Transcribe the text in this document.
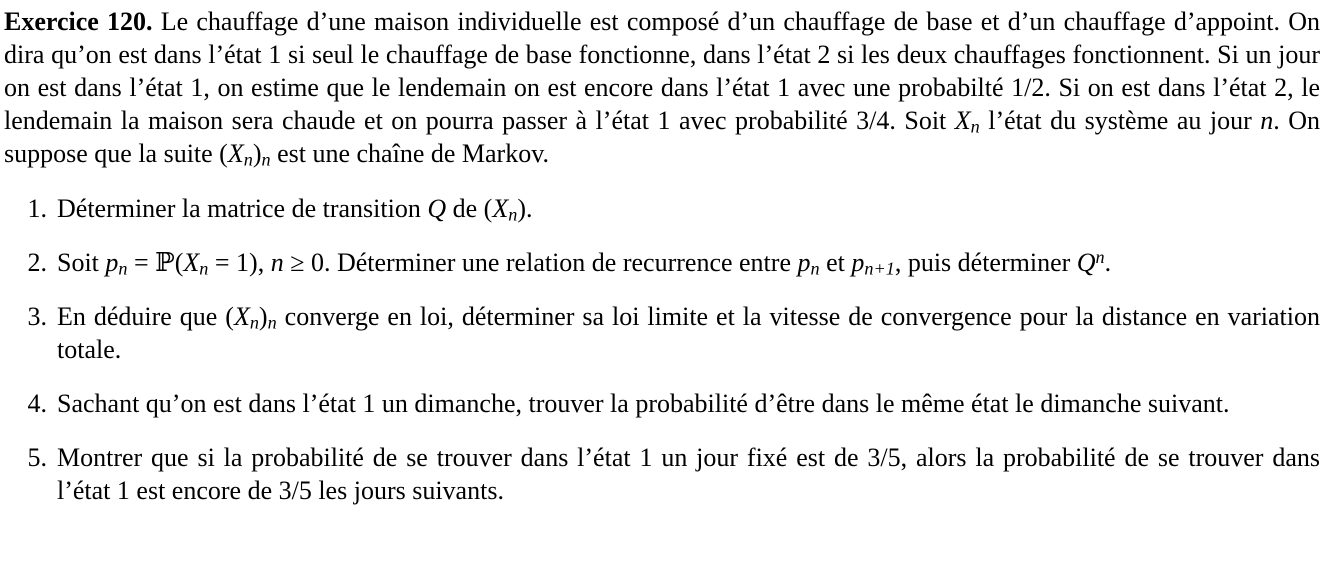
Exercice 120. Le chauffage d’une maison individuelle est composé d’un chauffage de base et d’un chauffage d’appoint. On dira qu’on est dans l’état 1 si seul le chauffage de base fonctionne, dans l’état 2 si les deux chauffages fonctionnent. Si un jour on est dans l’état 1, on estime que le lendemain on est encore dans l’état 1 avec une probabilté 1/2. Si on est dans l’état 2, le lendemain la maison sera chaude et on pourra passer à l’état 1 avec probabilité 3/4. Soit Xn l’état du système au jour n. On suppose que la suite (Xn)n est une chaîne de Markov.

1. Déterminer la matrice de transition Q de (Xn).
2. Soit pn = ℙ(Xn = 1), n ≥ 0. Déterminer une relation de recurrence entre pn et pn+1, puis déterminer $Q^n$.
3. En déduire que (Xn)n converge en loi, déterminer sa loi limite et la vitesse de convergence pour la distance en variation totale.
4. Sachant qu’on est dans l’état 1 un dimanche, trouver la probabilité d’être dans le même état le dimanche suivant.
5. Montrer que si la probabilité de se trouver dans l’état 1 un jour fixé est de 3/5, alors la probabilité de se trouver dans l’état 1 est encore de 3/5 les jours suivants.
